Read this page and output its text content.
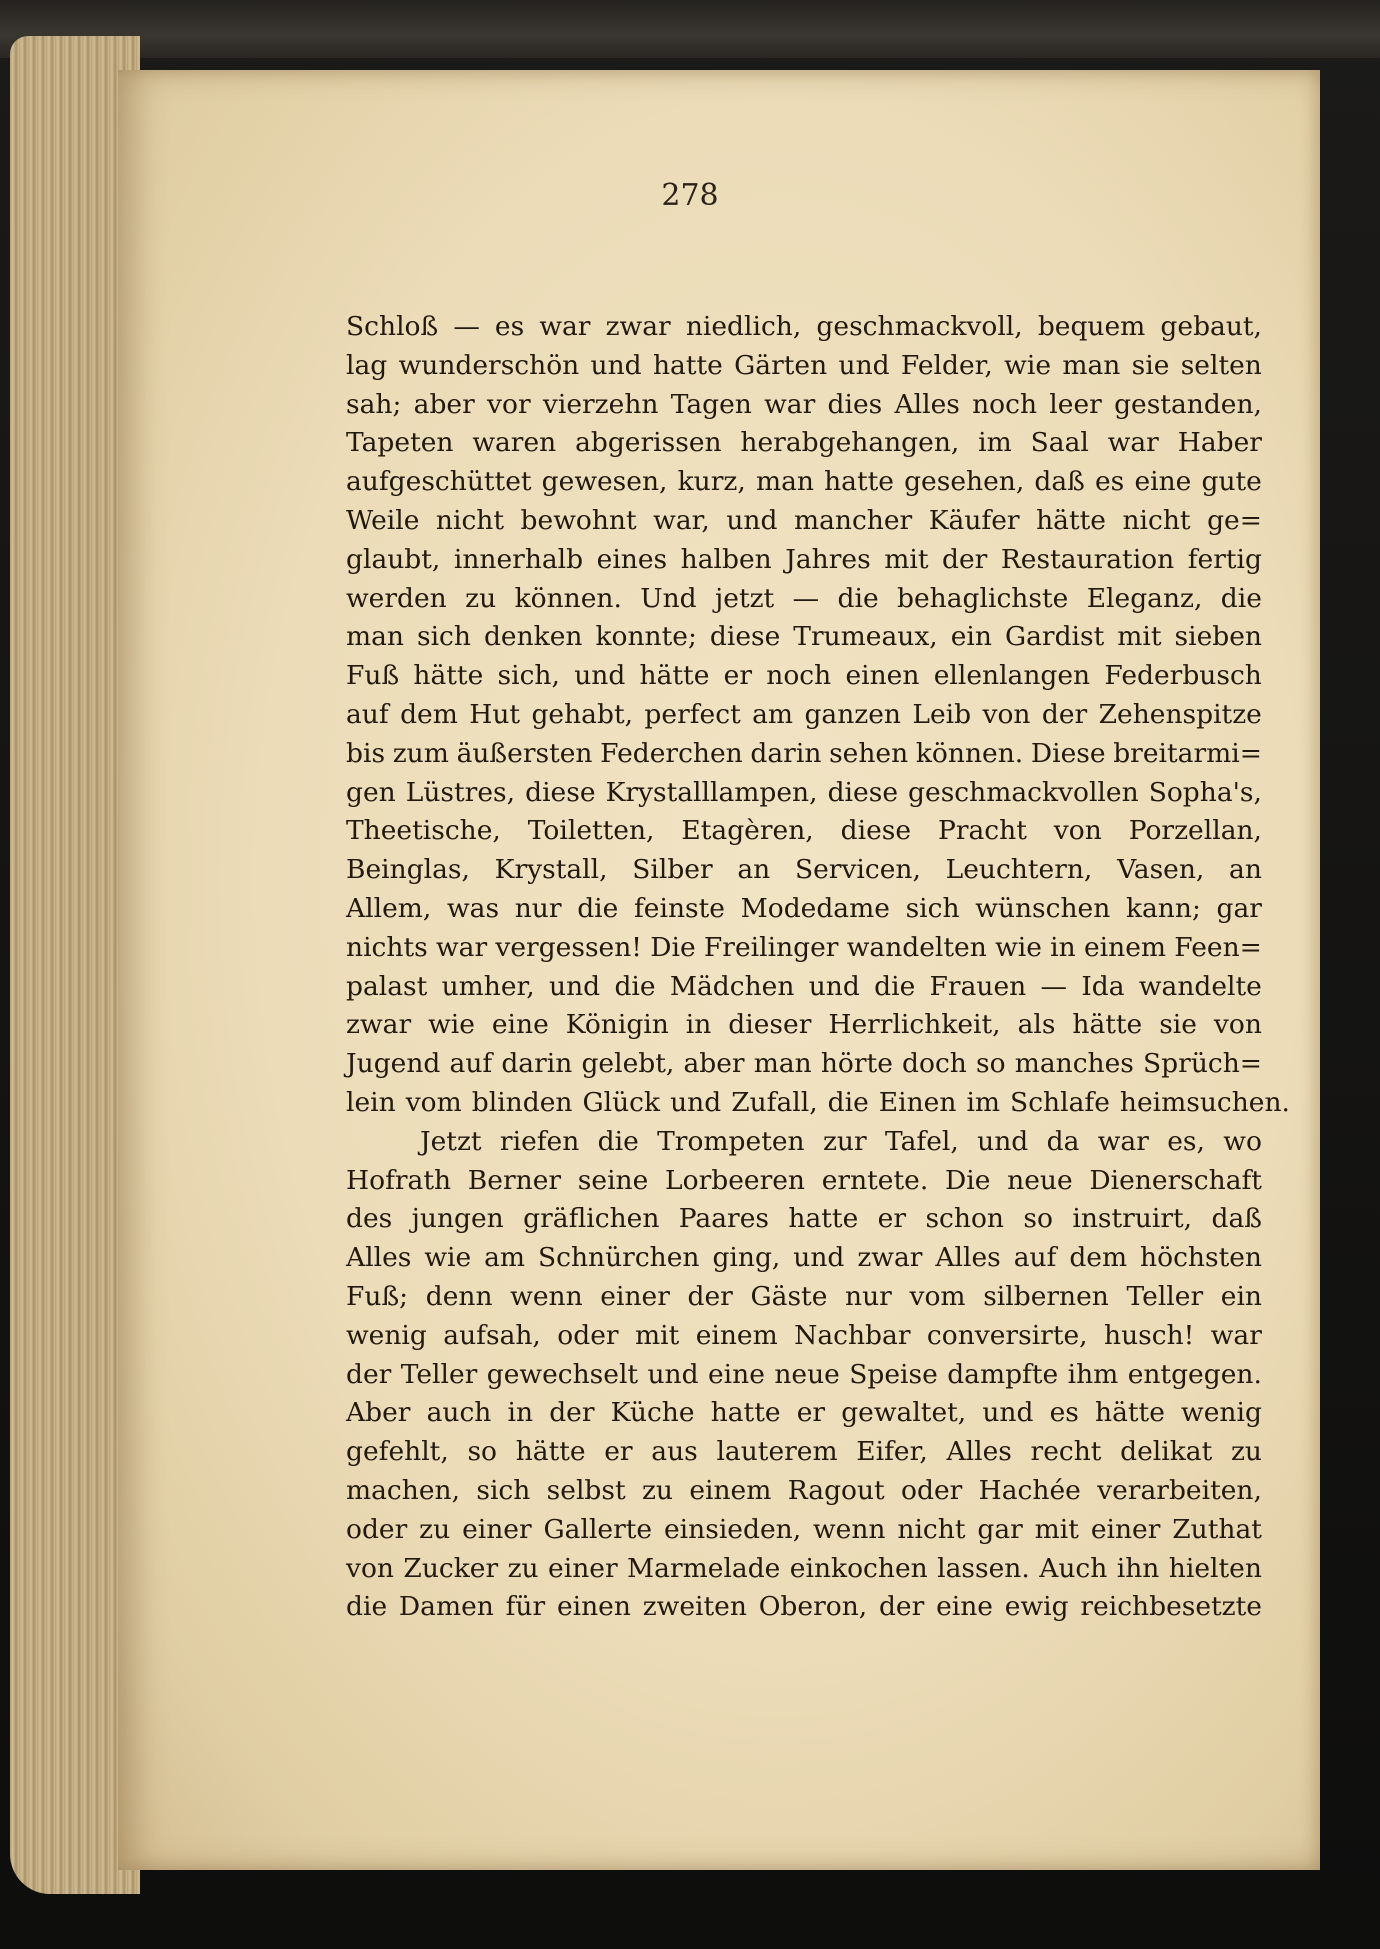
278

Schloß — es war zwar niedlich, geschmackvoll, bequem gebaut,
lag wunderschön und hatte Gärten und Felder, wie man sie selten
sah; aber vor vierzehn Tagen war dies Alles noch leer gestanden,
Tapeten waren abgerissen herabgehangen, im Saal war Haber
aufgeschüttet gewesen, kurz, man hatte gesehen, daß es eine gute
Weile nicht bewohnt war, und mancher Käufer hätte nicht ge=
glaubt, innerhalb eines halben Jahres mit der Restauration fertig
werden zu können. Und jetzt — die behaglichste Eleganz, die
man sich denken konnte; diese Trumeaux, ein Gardist mit sieben
Fuß hätte sich, und hätte er noch einen ellenlangen Federbusch
auf dem Hut gehabt, perfect am ganzen Leib von der Zehenspitze
bis zum äußersten Federchen darin sehen können. Diese breitarmi=
gen Lüstres, diese Krystalllampen, diese geschmackvollen Sopha's,
Theetische, Toiletten, Etagèren, diese Pracht von Porzellan,
Beinglas, Krystall, Silber an Servicen, Leuchtern, Vasen, an
Allem, was nur die feinste Modedame sich wünschen kann; gar
nichts war vergessen! Die Freilinger wandelten wie in einem Feen=
palast umher, und die Mädchen und die Frauen — Ida wandelte
zwar wie eine Königin in dieser Herrlichkeit, als hätte sie von
Jugend auf darin gelebt, aber man hörte doch so manches Sprüch=
lein vom blinden Glück und Zufall, die Einen im Schlafe heimsuchen.
Jetzt riefen die Trompeten zur Tafel, und da war es, wo
Hofrath Berner seine Lorbeeren erntete. Die neue Dienerschaft
des jungen gräflichen Paares hatte er schon so instruirt, daß
Alles wie am Schnürchen ging, und zwar Alles auf dem höchsten
Fuß; denn wenn einer der Gäste nur vom silbernen Teller ein
wenig aufsah, oder mit einem Nachbar conversirte, husch! war
der Teller gewechselt und eine neue Speise dampfte ihm entgegen.
Aber auch in der Küche hatte er gewaltet, und es hätte wenig
gefehlt, so hätte er aus lauterem Eifer, Alles recht delikat zu
machen, sich selbst zu einem Ragout oder Hachée verarbeiten,
oder zu einer Gallerte einsieden, wenn nicht gar mit einer Zuthat
von Zucker zu einer Marmelade einkochen lassen. Auch ihn hielten
die Damen für einen zweiten Oberon, der eine ewig reichbesetzte
